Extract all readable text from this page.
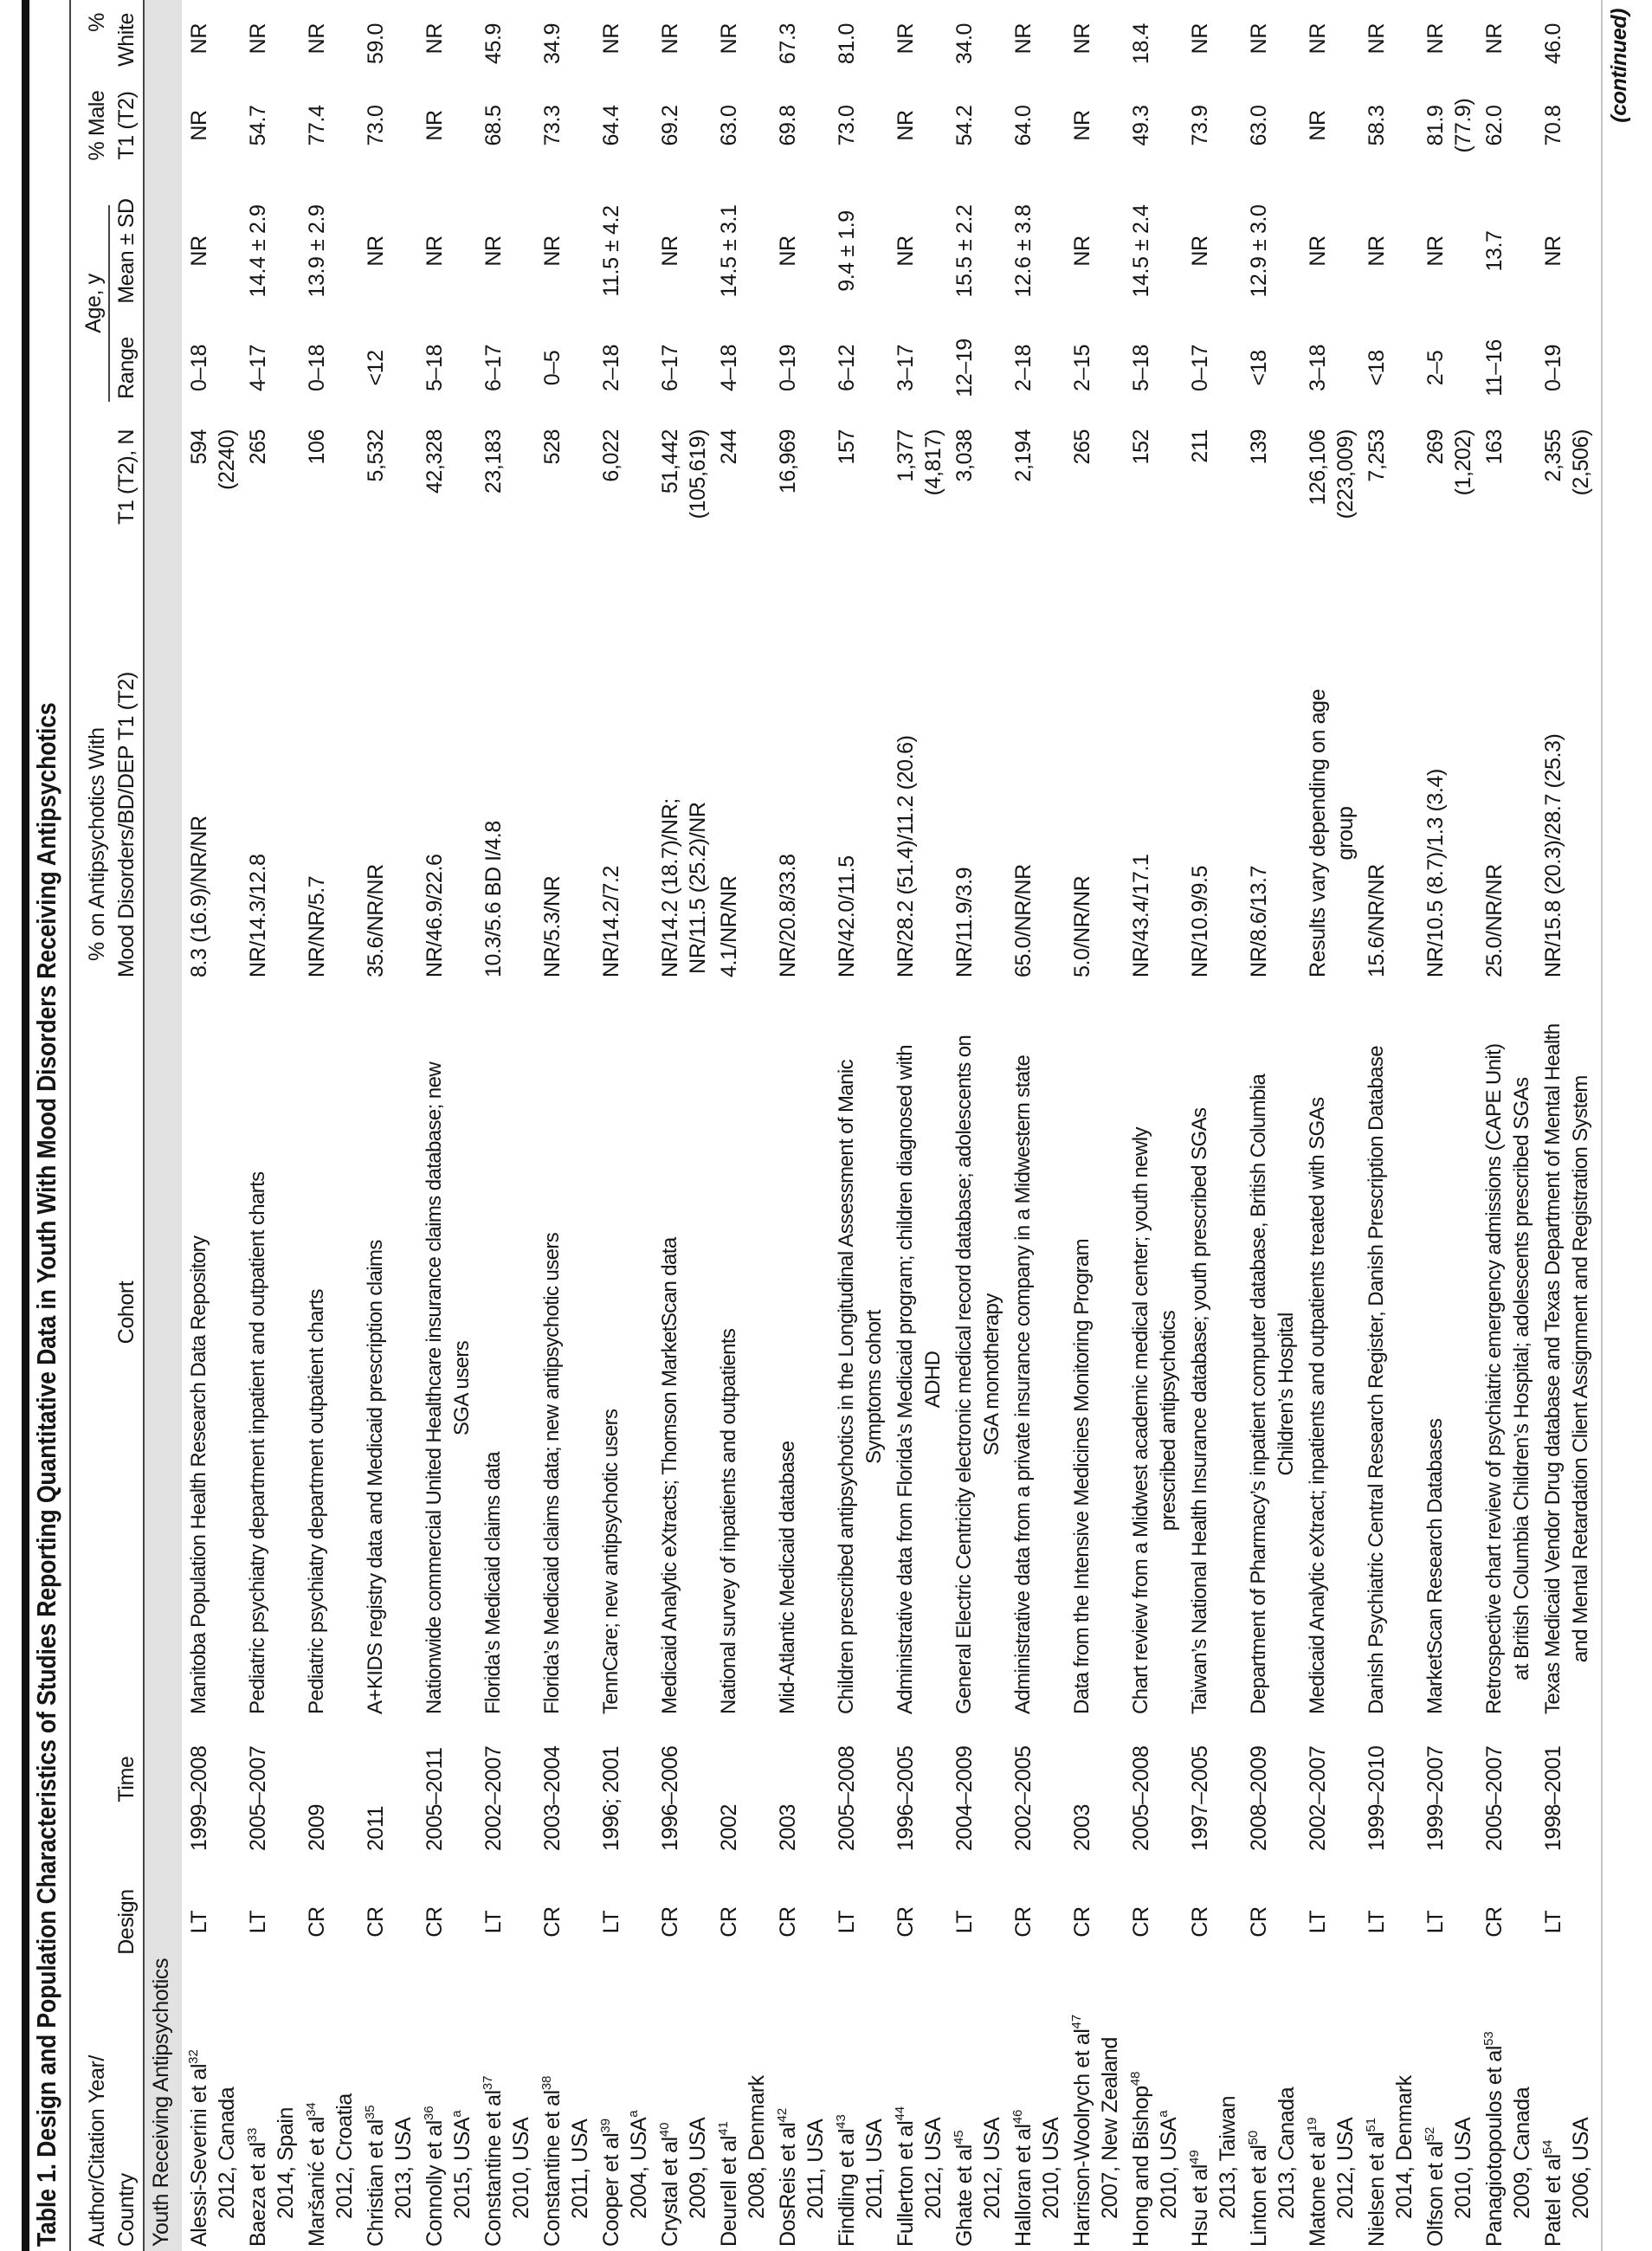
Table 1. Design and Population Characteristics of Studies Reporting Quantitative Data in Youth With Mood Disorders Receiving Antipsychotics Author/Citation Year/ Country
Design
Time
Cohort
% on Antipsychotics With Mood Disorders/BD/DEP T1 (T2)
T1 (T2), N
Age, y
Range
Mean ± SD
% Male T1 (T2)
% White
Youth Receiving Antipsychotics Alessi-Severini et $al^{32}$
2012, Canada
LT
1999–2008
Manitoba Population Health Research Data Repository
8.3 (16.9)/NR/NR
594 (2240)
0–18
NR
NR
NR
Baeza et $al^{33}$ 2014, Spain
LT
2005–2007
Pediatric psychiatry department inpatient and outpatient charts
NR/14.3/12.8
265
4–17
14.4 ± 2.9
54.7
NR
Maršanić et $al^{34}$ 2012, Croatia
CR
2009
Pediatric psychiatry department outpatient charts
NR/NR/5.7
106
0–18
13.9 ± 2.9
77.4
NR
Christian et $al^{35}$
2013, USA
CR
2011
A+KIDS registry data and Medicaid prescription claims
35.6/NR/NR
5,532
<12
NR
73.0
59.0
Connolly et $al^{36}$
2015, USA$^a$
CR
2005–2011
Nationwide commercial United Healthcare insurance claims database; new SGA users
NR/46.9/22.6
42,328
5–18
NR
NR
NR
Constantine et $al^{37}$
2010, USA
LT
2002–2007
Florida’s Medicaid claims data
10.3/5.6 BD I/4.8
23,183
6–17
NR
68.5
45.9
Constantine et $al^{38}$
2011, USA
CR
2003–2004
Florida’s Medicaid claims data; new antipsychotic users
NR/5.3/NR
528
0–5
NR
73.3
34.9
Cooper et $al^{39}$ 2004, USA$^a$
LT
1996; 2001
TennCare; new antipsychotic users
NR/14.2/7.2
6,022
2–18
11.5 ± 4.2
64.4
NR
Crystal et $al^{40}$ 2009, USA
CR
1996–2006
Medicaid Analytic eXtracts; Thomson MarketScan data
NR/14.2 (18.7)/NR; NR/11.5 (25.2)/NR
51,442 (105,619)
6–17
NR
69.2
NR
Deurell et $al^{41}$ 2008, Denmark
CR
2002
National survey of inpatients and outpatients
4.1/NR/NR
244
4–18
14.5 ± 3.1
63.0
NR
DosReis et $al^{42}$
2011, USA
CR
2003
Mid-Atlantic Medicaid database
NR/20.8/33.8
16,969
0–19
NR
69.8
67.3
Findling et $al^{43}$ 2011, USA
LT
2005–2008
Children prescribed antipsychotics in the Longitudinal Assessment of Manic Symptoms cohort
NR/42.0/11.5
157
6–12
9.4 ± 1.9
73.0
81.0
Fullerton et $al^{44}$
2012, USA
CR
1996–2005
Administrative data from Florida’s Medicaid program; children diagnosed with ADHD
NR/28.2 (51.4)/11.2 (20.6)
1,377 (4,817)
3–17
NR
NR
NR
Ghate et $al^{45}$ 2012, USA
LT
2004–2009
General Electric Centricity electronic medical record database; adolescents on SGA monotherapy
NR/11.9/3.9
3,038
12–19
15.5 ± 2.2
54.2
34.0
Halloran et $al^{46}$
2010, USA
CR
2002–2005
Administrative data from a private insurance company in a Midwestern state
65.0/NR/NR
2,194
2–18
12.6 ± 3.8
64.0
NR
Harrison-Woolrych et $al^{47}$
2007, New Zealand
CR
2003
Data from the Intensive Medicines Monitoring Program
5.0/NR/NR
265
2–15
NR
NR
NR
Hong and Bishop$^{48}$
2010, USA$^a$
CR
2005–2008
Chart review from a Midwest academic medical center; youth newly prescribed antipsychotics
NR/43.4/17.1
152
5–18
14.5 ± 2.4
49.3
18.4
Hsu et $al^{49}$ 2013, Taiwan
CR
1997–2005
Taiwan’s National Health Insurance database; youth prescribed SGAs
NR/10.9/9.5
211
0–17
NR
73.9
NR
Linton et $al^{50}$ 2013, Canada
CR
2008–2009
Department of Pharmacy’s inpatient computer database, British Columbia Children’s Hospital
NR/8.6/13.7
139
<18
12.9 ± 3.0
63.0
NR
Matone et $al^{19}$ 2012, USA
LT
2002–2007
Medicaid Analytic eXtract; inpatients and outpatients treated with SGAs
Results vary depending on age group
126,106 (223,009)
3–18
NR
NR
NR
Nielsen et $al^{51}$ 2014, Denmark
LT
1999–2010
Danish Psychiatric Central Research Register, Danish Prescription Database
15.6/NR/NR
7,253
<18
NR
58.3
NR
Olfson et $al^{52}$ 2010, USA
LT
1999–2007
MarketScan Research Databases
NR/10.5 (8.7)/1.3 (3.4)
269 (1,202)
2–5
NR
81.9 (77.9)
NR
Panagiotopoulos et $al^{53}$
2009, Canada
CR
2005–2007
Retrospective chart review of psychiatric emergency admissions (CAPE Unit) at British Columbia Children’s Hospital; adolescents prescribed SGAs
25.0/NR/NR
163
11–16
13.7
62.0
NR
Patel et $al^{54}$ 2006, USA
LT
1998–2001
Texas Medicaid Vendor Drug database and Texas Department of Mental Health and Mental Retardation Client Assignment and Registration System
NR/15.8 (20.3)/28.7 (25.3)
2,355 (2,506)
0–19
NR
70.8
46.0 (continued)
